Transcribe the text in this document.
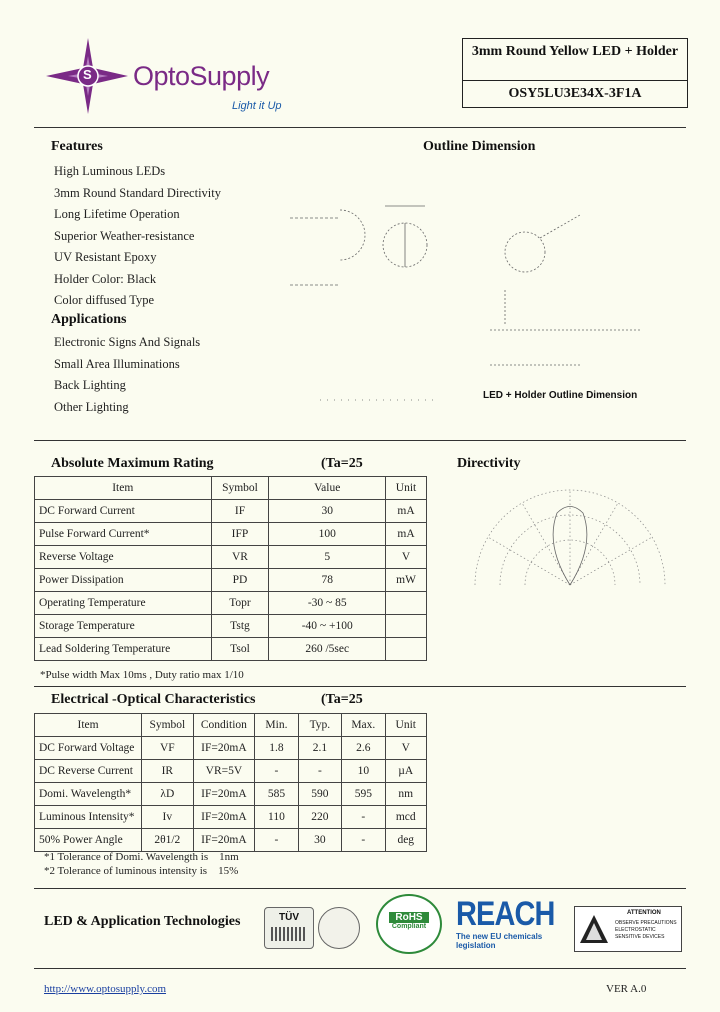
S OptoSupply
Light it Up
3mm Round Yellow LED + Holder
OSY5LU3E34X-3F1A
Features
High Luminous LEDs
3mm Round Standard Directivity
Long Lifetime Operation
Superior Weather-resistance
UV Resistant Epoxy
Holder Color: Black
Color diffused Type
Applications
Electronic Signs And Signals
Small Area Illuminations
Back Lighting
Other Lighting
Outline Dimension
LED + Holder Outline Dimension
Absolute Maximum Rating	(Ta=25
Item	Symbol	Value	Unit
DC Forward Current	IF	30	mA
Pulse Forward Current*	IFP	100	mA
Reverse Voltage	VR	5	V
Power Dissipation	PD	78	mW
Operating Temperature	Topr	-30 ~ 85	
Storage Temperature	Tstg	-40 ~ +100	
Lead Soldering Temperature	Tsol	260 /5sec	
*Pulse width Max 10ms , Duty ratio max 1/10
Directivity
Electrical -Optical Characteristics	(Ta=25
Item	Symbol	Condition	Min.	Typ.	Max.	Unit
DC Forward Voltage	VF	IF=20mA	1.8	2.1	2.6	V
DC Reverse Current	IR	VR=5V	-	-	10	µA
Domi. Wavelength*	λD	IF=20mA	585	590	595	nm
Luminous Intensity*	Iv	IF=20mA	110	220	-	mcd
50% Power Angle	2θ1/2	IF=20mA	-	30	-	deg
*1 Tolerance of Domi. Wavelength is    1nm
*2 Tolerance of luminous intensity is    15%
LED & Application Technologies	TÜV	RoHS
Compliant REACH
The new EU chemicals legislation
ATTENTION
OBSERVE PRECAUTIONS
ELECTROSTATIC
SENSITIVE DEVICES
http://www.optosupply.com	VER A.0
